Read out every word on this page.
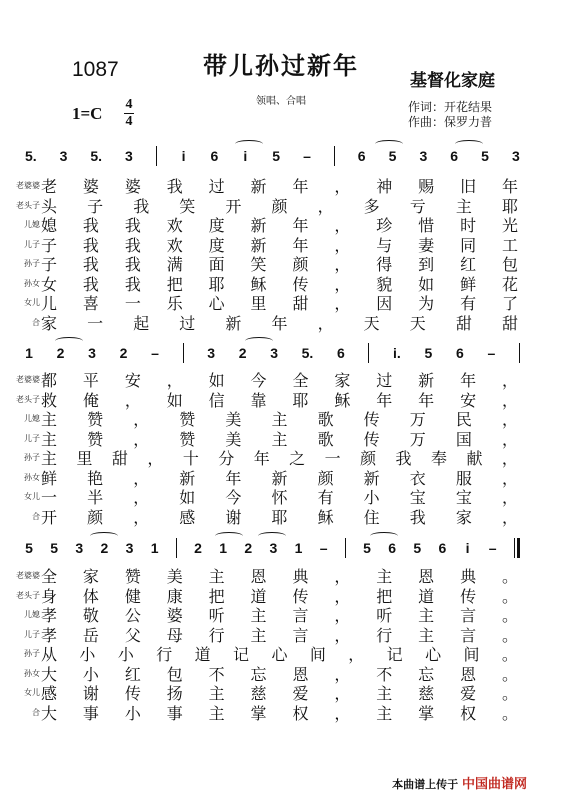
1087	带儿孙过新年
基督化家庭
领唱、合唱
1=C 4
4
作词：开花结果
作曲：保罗力普
5. 3 5. 3	i 6 i 5 –	6 5 3 6 5 3
老婆婆 老 婆 婆 我 过 新 年 ， 神 赐 旧 年
老头子 头 子 我 笑 开 颜 ， 多 亏 主 耶
儿媳 媳 我 我 欢 度 新 年 ， 珍 惜 时 光
儿子 子 我 我 欢 度 新 年 ， 与 妻 同 工
孙子 子 我 我 满 面 笑 颜 ， 得 到 红 包
孙女 女 我 我 把 耶 稣 传 ， 貌 如 鲜 花
女儿 儿 喜 一 乐 心 里 甜 ， 因 为 有 了
合 家 一 起 过 新 年 ， 天 天 甜 甜
1 2 3 2 –	3 2 3 5. 6	i. 5 6 –
老婆婆 都 平 安 ， 如 今 全 家 过 新 年 ，
老头子 救 俺 ， 如 信 靠 耶 稣 年 年 安 ，
儿媳 主 赞 ， 赞 美 主 歌 传 万 民 ，
儿子 主 赞 ， 赞 美 主 歌 传 万 国 ，
孙子 主 里 甜 ， 十 分 年 之 一 颜 我 奉 献 ，
孙女 鲜 艳 ， 新 年 新 颜 新 衣 服 ，
女儿 一 半 ， 如 今 怀 有 小 宝 宝 ，
合 开 颜 ， 感 谢 耶 稣 住 我 家 ，
5 5 3 2 3 1	2 1 2 3 1 –	5 6 5 6 i –
老婆婆 全 家 赞 美 主 恩 典 ， 主 恩 典 。
老头子 身 体 健 康 把 道 传 ， 把 道 传 。
儿媳 孝 敬 公 婆 听 主 言 ， 听 主 言 。
儿子 孝 岳 父 母 行 主 言 ， 行 主 言 。
孙子 从 小 小 行 道 记 心 间 ， 记 心 间 。
孙女 大 小 红 包 不 忘 恩 ， 不 忘 恩 。
女儿 感 谢 传 扬 主 慈 爱 ， 主 慈 爱 。
合 大 事 小 事 主 掌 权 ， 主 掌 权 。
本曲谱上传于 中国曲谱网
